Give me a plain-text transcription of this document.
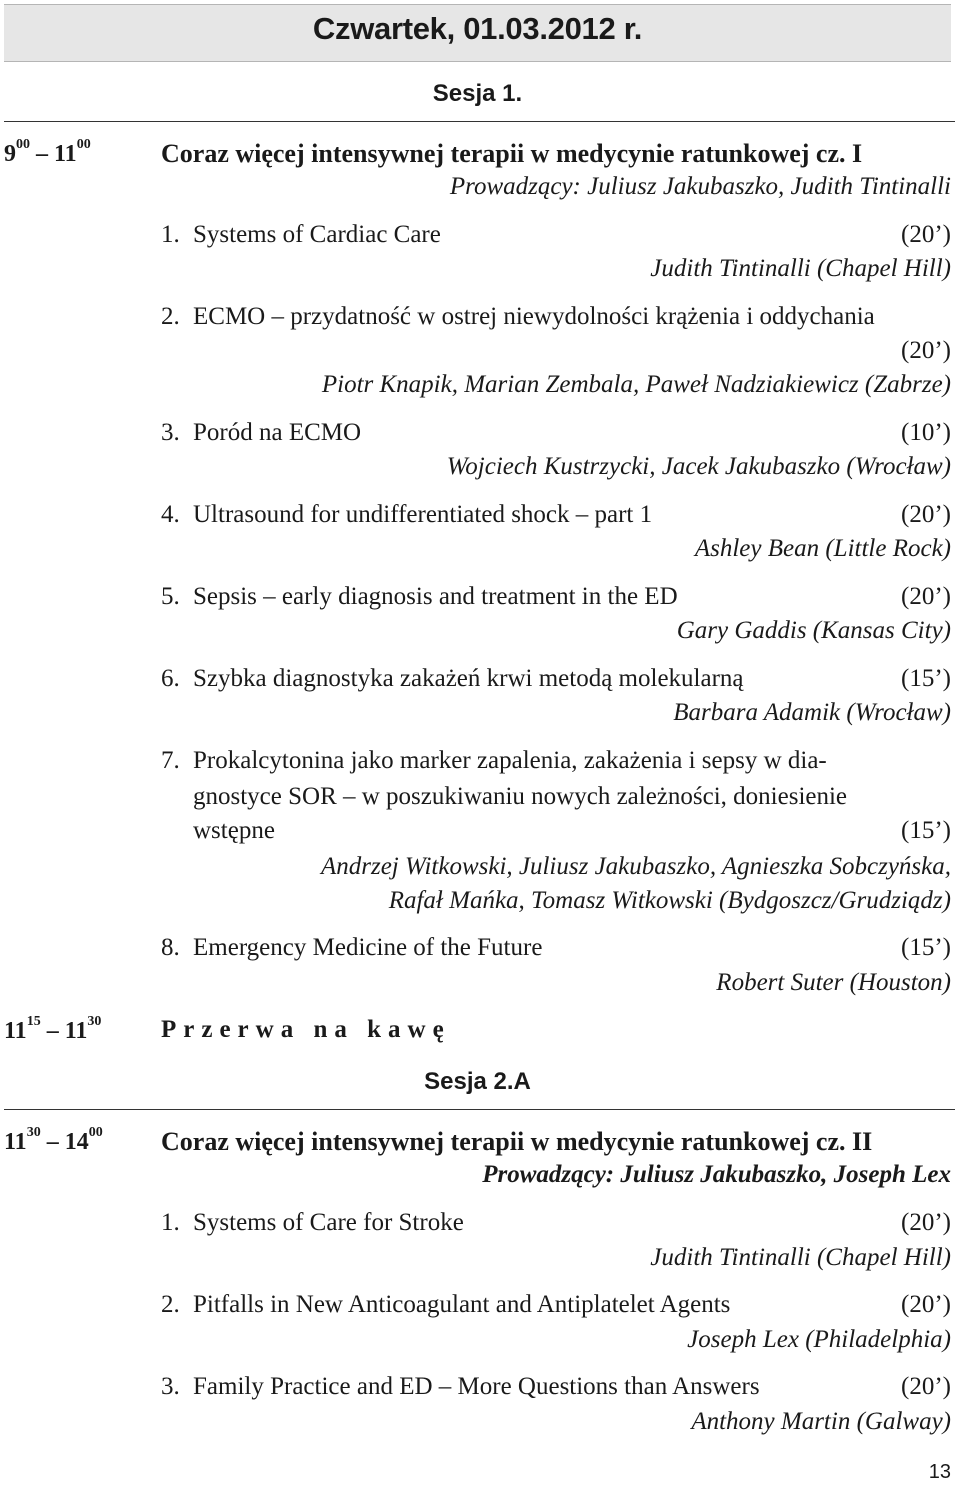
Czwartek, 01.03.2012 r.
Sesja 1.
$9^{00} - 11^{00}$	Coraz więcej intensywnej terapii w medycynie ratunkowej cz. I
Prowadzący: Juliusz Jakubaszko, Judith Tintinalli
1. Systems of Cardiac Care	(20’)
Judith Tintinalli (Chapel Hill)
2. ECMO – przydatność w ostrej niewydolności krążenia i oddychania
(20’)
Piotr Knapik, Marian Zembala, Paweł Nadziakiewicz (Zabrze)
3. Poród na ECMO	(10’)
Wojciech Kustrzycki, Jacek Jakubaszko (Wrocław)
4. Ultrasound for undifferentiated shock – part 1	(20’)
Ashley Bean (Little Rock)
5. Sepsis – early diagnosis and treatment in the ED	(20’)
Gary Gaddis (Kansas City)
6. Szybka diagnostyka zakażeń krwi metodą molekularną	(15’)
Barbara Adamik (Wrocław)
7. Prokalcytonina jako marker zapalenia, zakażenia i sepsy w dia-
gnostyce SOR – w poszukiwaniu nowych zależności, doniesienie
wstępne	(15’)
Andrzej Witkowski, Juliusz Jakubaszko, Agnieszka Sobczyńska,
Rafał Mańka, Tomasz Witkowski (Bydgoszcz/Grudziądz)
8. Emergency Medicine of the Future	(15’)
Robert Suter (Houston)
$11^{15} - 11^{30}$ Przerwa na kawę
Sesja 2.A
$11^{30} - 14^{00}$ Coraz więcej intensywnej terapii w medycynie ratunkowej cz. II
Prowadzący: Juliusz Jakubaszko, Joseph Lex
1. Systems of Care for Stroke	(20’)
Judith Tintinalli (Chapel Hill)
2. Pitfalls in New Anticoagulant and Antiplatelet Agents	(20’)
Joseph Lex (Philadelphia)
3. Family Practice and ED – More Questions than Answers	(20’)
Anthony Martin (Galway)
13
